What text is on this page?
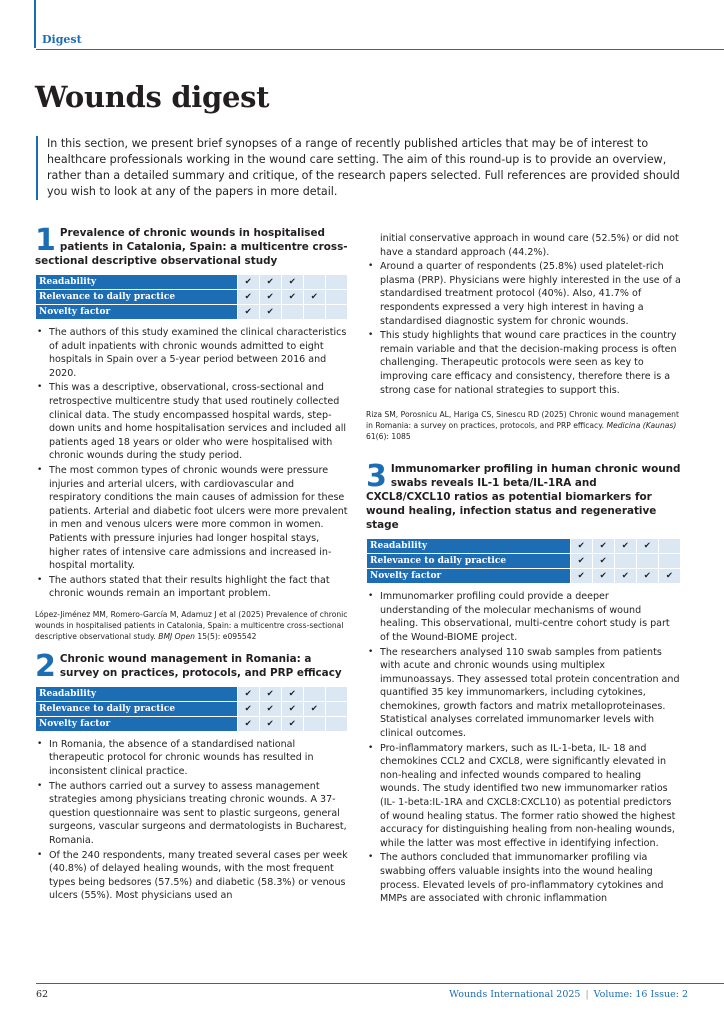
Digest
Wounds digest

In this section, we present brief synopses of a range of recently published articles that may be of interest to healthcare professionals working in the wound care setting. The aim of this round-up is to provide an overview, rather than a detailed summary and critique, of the research papers selected. Full references are provided should you wish to look at any of the papers in more detail.

1 Prevalence of chronic wounds in hospitalised patients in Catalonia, Spain: a multicentre cross-sectional descriptive observational study
Readability	✔	✔	✔		
Relevance to daily practice	✔	✔	✔	✔	
Novelty factor	✔	✔			
• The authors of this study examined the clinical characteristics of adult inpatients with chronic wounds admitted to eight hospitals in Spain over a 5-year period between 2016 and 2020.
• This was a descriptive, observational, cross-sectional and retrospective multicentre study that used routinely collected clinical data. The study encompassed hospital wards, step-down units and home hospitalisation services and included all patients aged 18 years or older who were hospitalised with chronic wounds during the study period.
• The most common types of chronic wounds were pressure injuries and arterial ulcers, with cardiovascular and respiratory conditions the main causes of admission for these patients. Arterial and diabetic foot ulcers were more prevalent in men and venous ulcers were more common in women. Patients with pressure injuries had longer hospital stays, higher rates of intensive care admissions and increased in-hospital mortality.
• The authors stated that their results highlight the fact that chronic wounds remain an important problem.

López-Jiménez MM, Romero-García M, Adamuz J et al (2025) Prevalence of chronic wounds in hospitalised patients in Catalonia, Spain: a multicentre cross-sectional descriptive observational study. BMJ Open 15(5): e095542

2 Chronic wound management in Romania: a survey on practices, protocols, and PRP efficacy
Readability	✔	✔	✔		
Relevance to daily practice	✔	✔	✔	✔	
Novelty factor	✔	✔	✔		
• In Romania, the absence of a standardised national therapeutic protocol for chronic wounds has resulted in inconsistent clinical practice.
• The authors carried out a survey to assess management strategies among physicians treating chronic wounds. A 37-question questionnaire was sent to plastic surgeons, general surgeons, vascular surgeons and dermatologists in Bucharest, Romania.
• Of the 240 respondents, many treated several cases per week (40.8%) of delayed healing wounds, with the most frequent types being bedsores (57.5%) and diabetic (58.3%) or venous ulcers (55%). Most physicians used an
initial conservative approach in wound care (52.5%) or did not have a standard approach (44.2%).
• Around a quarter of respondents (25.8%) used platelet-rich plasma (PRP). Physicians were highly interested in the use of a standardised treatment protocol (40%). Also, 41.7% of respondents expressed a very high interest in having a standardised diagnostic system for chronic wounds.
• This study highlights that wound care practices in the country remain variable and that the decision-making process is often challenging. Therapeutic protocols were seen as key to improving care efficacy and consistency, therefore there is a strong case for national strategies to support this.

Riza SM, Porosnicu AL, Hariga CS, Sinescu RD (2025) Chronic wound management in Romania: a survey on practices, protocols, and PRP efficacy. Medicina (Kaunas) 61(6): 1085

3 Immunomarker profiling in human chronic wound swabs reveals IL-1 beta/IL-1RA and CXCL8/CXCL10 ratios as potential biomarkers for wound healing, infection status and regenerative stage
Readability	✔	✔	✔	✔	
Relevance to daily practice	✔	✔			
Novelty factor	✔	✔	✔	✔	✔
• Immunomarker profiling could provide a deeper understanding of the molecular mechanisms of wound healing. This observational, multi-centre cohort study is part of the Wound-BIOME project.
• The researchers analysed 110 swab samples from patients with acute and chronic wounds using multiplex immunoassays. They assessed total protein concentration and quantified 35 key immunomarkers, including cytokines, chemokines, growth factors and matrix metalloproteinases. Statistical analyses correlated immunomarker levels with clinical outcomes.
• Pro-inflammatory markers, such as IL-1-beta, IL- 18 and chemokines CCL2 and CXCL8, were significantly elevated in non-healing and infected wounds compared to healing wounds. The study identified two new immunomarker ratios (IL- 1-beta:IL-1RA and CXCL8:CXCL10) as potential predictors of wound healing status. The former ratio showed the highest accuracy for distinguishing healing from non-healing wounds, while the latter was most effective in identifying infection.
• The authors concluded that immunomarker profiling via swabbing offers valuable insights into the wound healing process. Elevated levels of pro-inflammatory cytokines and MMPs are associated with chronic inflammation
62	Wounds International 2025 | Volume: 16 Issue: 2
